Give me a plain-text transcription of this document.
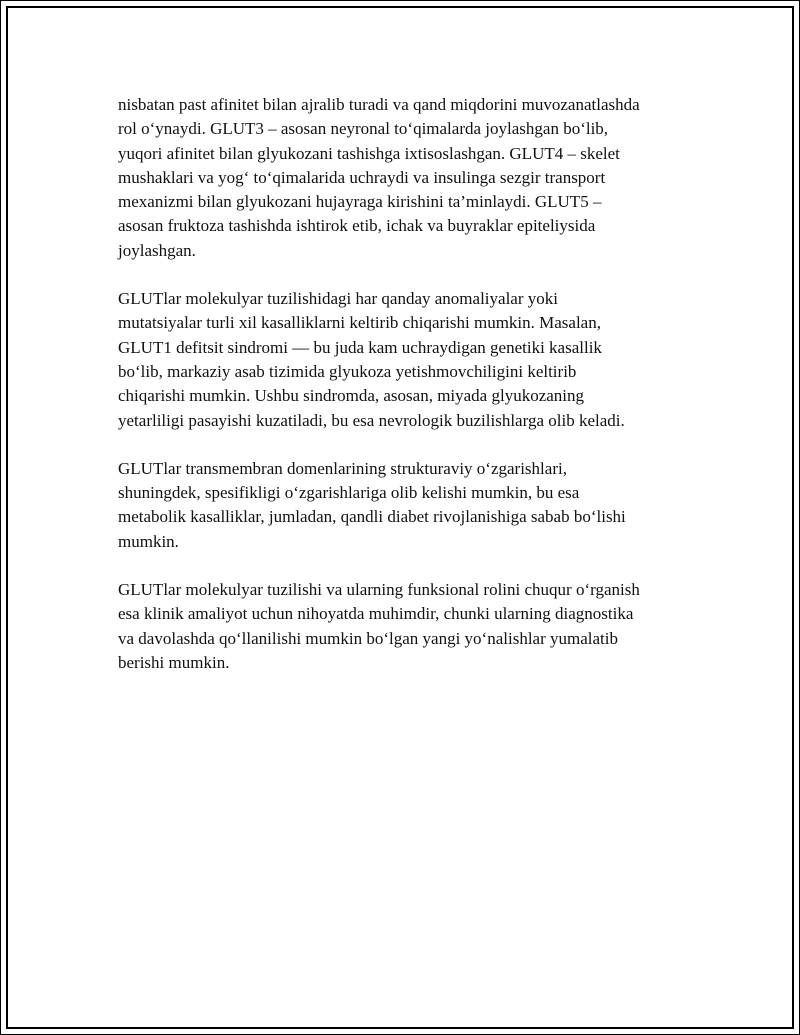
nisbatan past afinitet bilan ajralib turadi va qand miqdorini muvozanatlashda
rol o‘ynaydi. GLUT3 – asosan neyronal to‘qimalarda joylashgan bo‘lib,
yuqori afinitet bilan glyukozani tashishga ixtisoslashgan. GLUT4 – skelet
mushaklari va yog‘ to‘qimalarida uchraydi va insulinga sezgir transport
mexanizmi bilan glyukozani hujayraga kirishini ta’minlaydi. GLUT5 –
asosan fruktoza tashishda ishtirok etib, ichak va buyraklar epiteliysida
joylashgan.

GLUTlar molekulyar tuzilishidagi har qanday anomaliyalar yoki
mutatsiyalar turli xil kasalliklarni keltirib chiqarishi mumkin. Masalan,
GLUT1 defitsit sindromi — bu juda kam uchraydigan genetiki kasallik
bo‘lib, markaziy asab tizimida glyukoza yetishmovchiligini keltirib
chiqarishi mumkin. Ushbu sindromda, asosan, miyada glyukozaning
yetarliligi pasayishi kuzatiladi, bu esa nevrologik buzilishlarga olib keladi.

GLUTlar transmembran domenlarining strukturaviy o‘zgarishlari,
shuningdek, spesifikligi o‘zgarishlariga olib kelishi mumkin, bu esa
metabolik kasalliklar, jumladan, qandli diabet rivojlanishiga sabab bo‘lishi
mumkin.

GLUTlar molekulyar tuzilishi va ularning funksional rolini chuqur o‘rganish
esa klinik amaliyot uchun nihoyatda muhimdir, chunki ularning diagnostika
va davolashda qo‘llanilishi mumkin bo‘lgan yangi yo‘nalishlar yumalatib
berishi mumkin.
